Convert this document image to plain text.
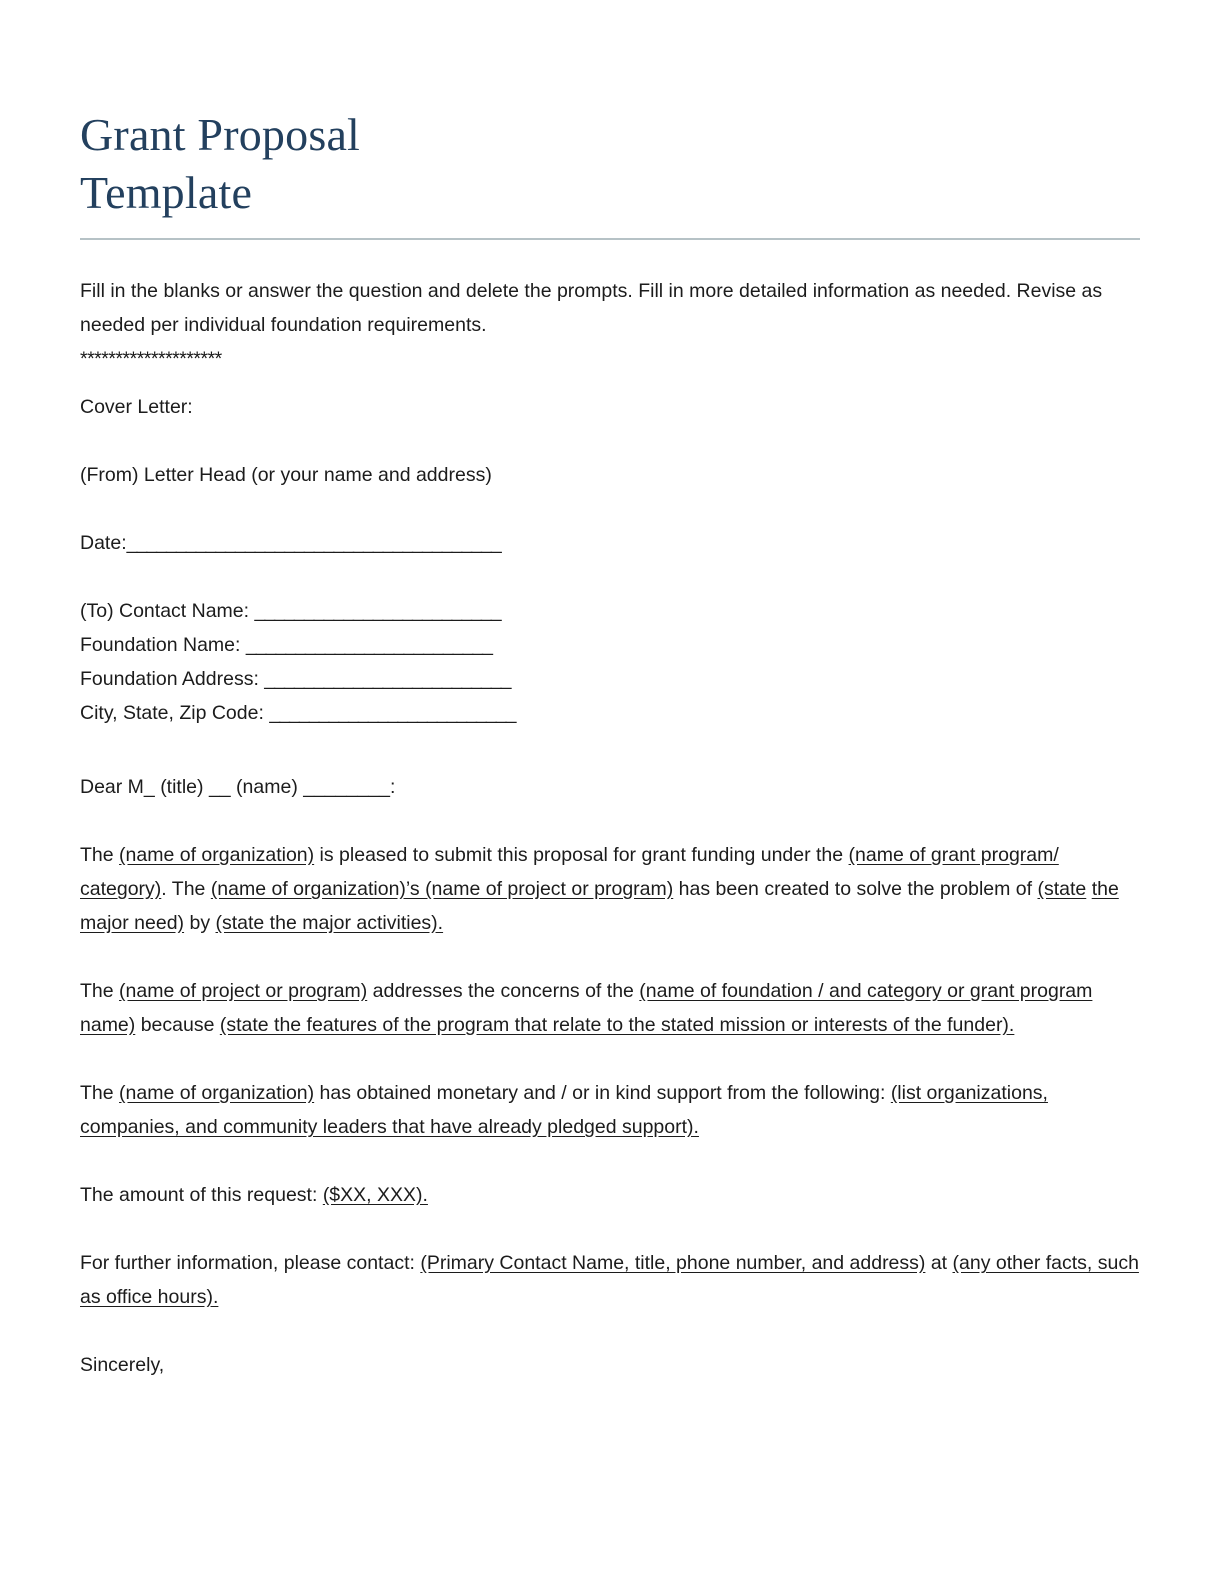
Grant Proposal
Template

Fill in the blanks or answer the question and delete the prompts. Fill in more detailed information as needed. Revise as needed per individual foundation requirements.

********************

Cover Letter:

(From) Letter Head (or your name and address)

Date:______________________________________

(To) Contact Name: _________________________

Foundation Name: _________________________

Foundation Address: _________________________

City, State, Zip Code: _________________________

Dear M_ (title) __ (name) ________:

The (name of organization) is pleased to submit this proposal for grant funding under the (name of grant program/ category). The (name of organization)’s (name of project or program) has been created to solve the problem of (state the major need) by (state the major activities).

The (name of project or program) addresses the concerns of the (name of foundation / and category or grant program name) because (state the features of the program that relate to the stated mission or interests of the funder).

The (name of organization) has obtained monetary and / or in kind support from the following: (list organizations, companies, and community leaders that have already pledged support).

The amount of this request: ($XX, XXX).

For further information, please contact: (Primary Contact Name, title, phone number, and address) at (any other facts, such as office hours).

Sincerely,
